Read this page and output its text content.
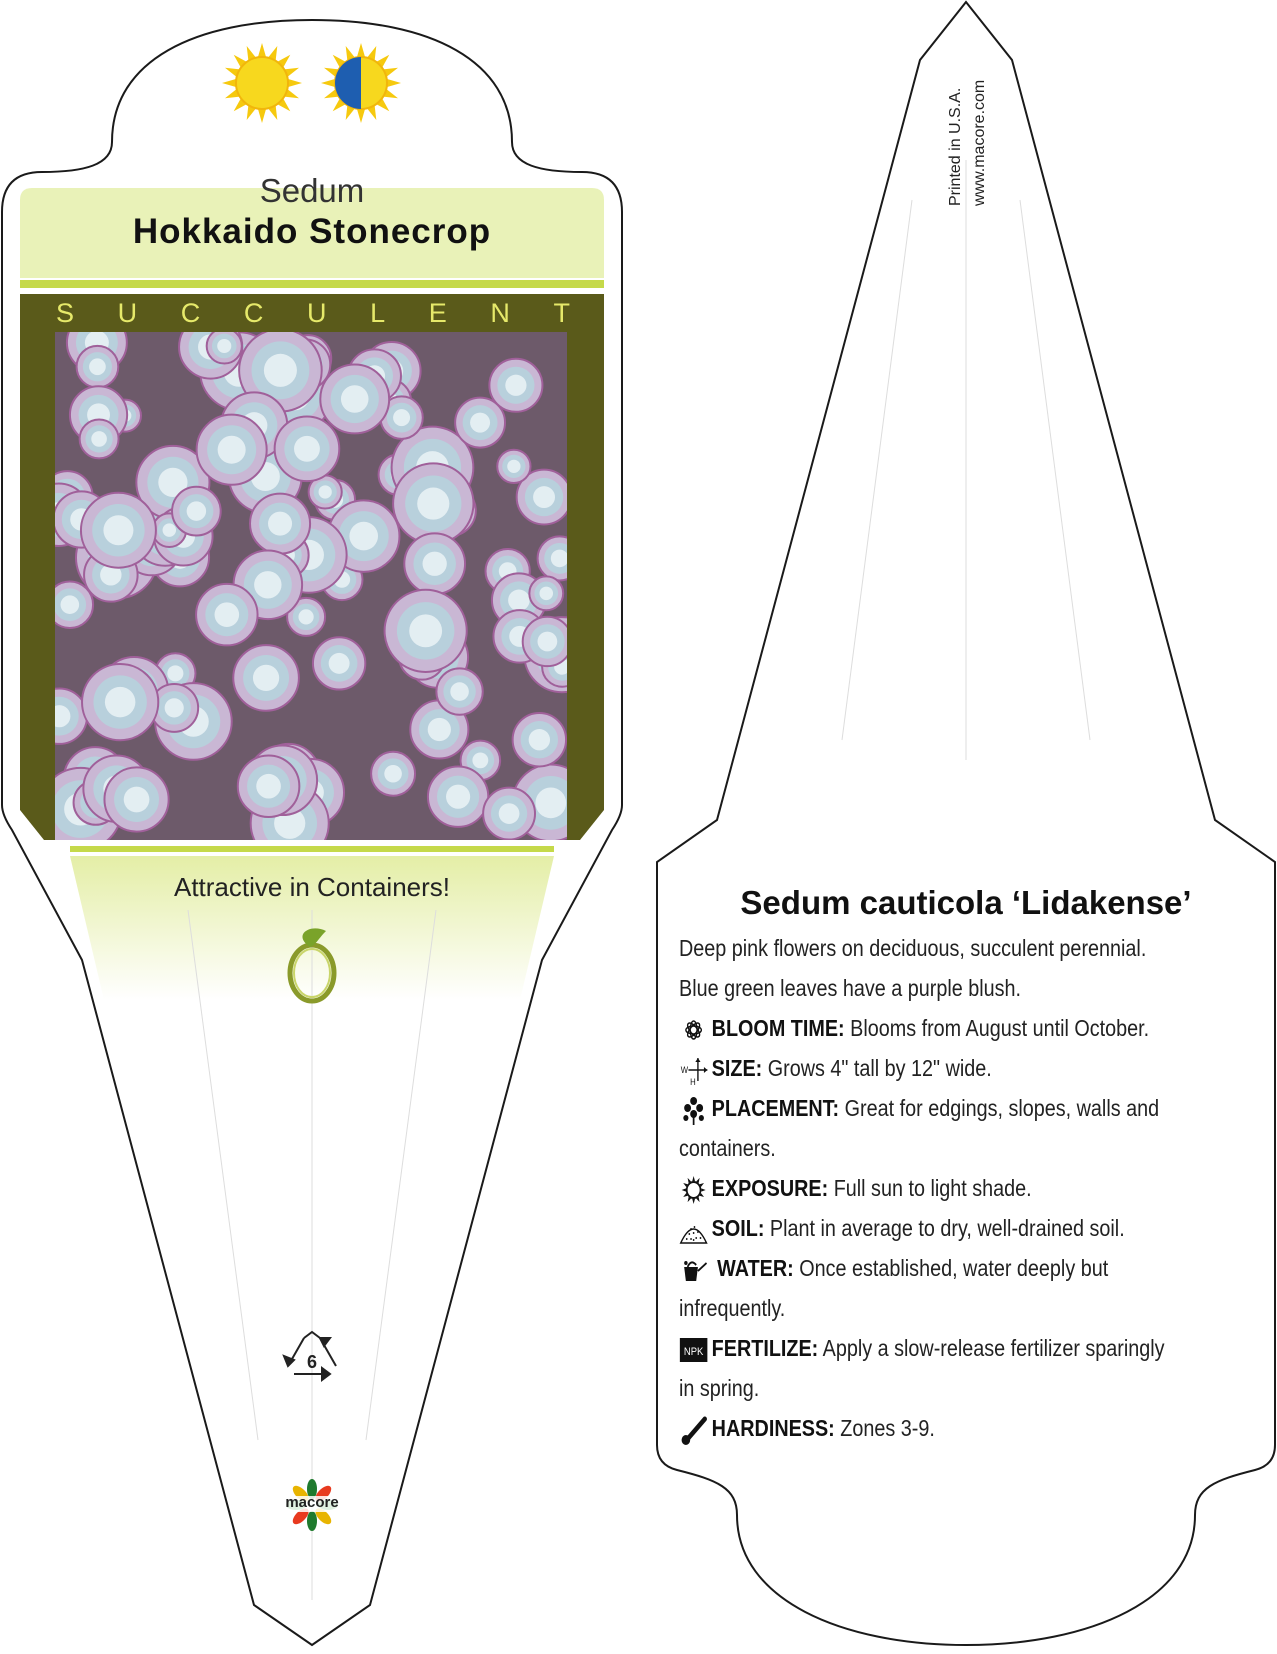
Sedum
Hokkaido Stonecrop
S U C C U L E N T
Attractive in Containers!
6
macore
Printed in U.S.A. www.macore.com
Sedum cauticola ‘Lidakense’
Deep pink flowers on deciduous, succulent perennial.
Blue green leaves have a purple blush.
BLOOM TIME: Blooms from August until October.
W
H
SIZE: Grows 4" tall by 12" wide.
PLACEMENT: Great for edgings, slopes, walls and
containers.
EXPOSURE: Full sun to light shade.
SOIL: Plant in average to dry, well-drained soil.
WATER: Once established, water deeply but
infrequently.
NPK FERTILIZE: Apply a slow-release fertilizer sparingly
in spring.
HARDINESS: Zones 3-9.
